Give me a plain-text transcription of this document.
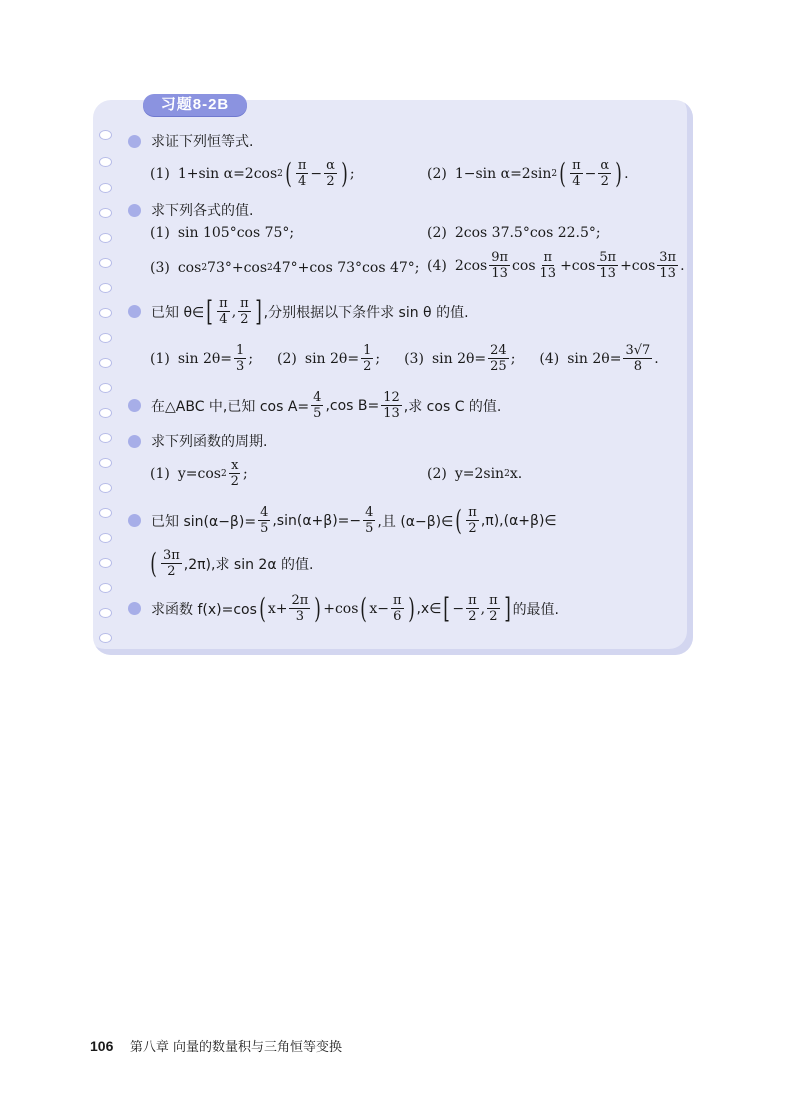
习题8-2B
求证下列恒等式.
(1) 1+sin α=2cos 2 ( $\frac{\pi}{4} - \frac{\alpha}{2}$ ) ;	(2) 1−sin α=2sin 2 ( $\frac{\pi}{4} - \frac{\alpha}{2}$ ) .
求下列各式的值.
(1) sin 105°cos 75°;	(2) 2cos 37.5°cos 22.5°;
(3) cos 2 73°+cos 2 47°+cos 73°cos 47°; (4) $2\cos \frac{9\pi}{13}$ $\cos \frac{\pi}{13} +\cos \frac{5\pi}{13} +\cos \frac{3\pi}{13}$ .
已知 θ∈ [ $\frac{\pi}{4}$ , $\frac{\pi}{2}$ ] ,分别根据以下条件求 sin θ 的值.
(1) $\sin 2\theta= \frac{1}{3}$ ; (2) $\sin 2\theta= \frac{1}{2}$ ; (3) $\sin 2\theta= \frac{24}{25}$ ; (4) $\sin 2\theta= \frac{3√7}{8}$ .
在△ABC 中,已知 $\cos A= \frac{4}{5} ,\cos$ $B= \frac{12}{13}$ ,求 cos C 的值.
求下列函数的周期.
(1) y=cos $2 \frac{x}{2}$ ;	(2) y=2sin 2 x.
已知 $\sin(\alpha-\beta)= \frac{4}{5} ,\sin(\alpha+\beta)=- \frac{4}{5}$ ,且 (α−β)∈ ( $\frac{\pi}{2}$ ,π),(α+β)∈
( $\frac{3\pi}{2} ,2\pi$),求 sin 2α 的值.
求函数 f(x)=cos ( $x+ \frac{2\pi}{3}$ ) +cos ( $x- \frac{\pi}{6}$ ) ,x∈ [ − $\frac{\pi}{2}$ , $\frac{\pi}{2}$ ] 的最值.
106 第八章 向量的数量积与三角恒等变换
